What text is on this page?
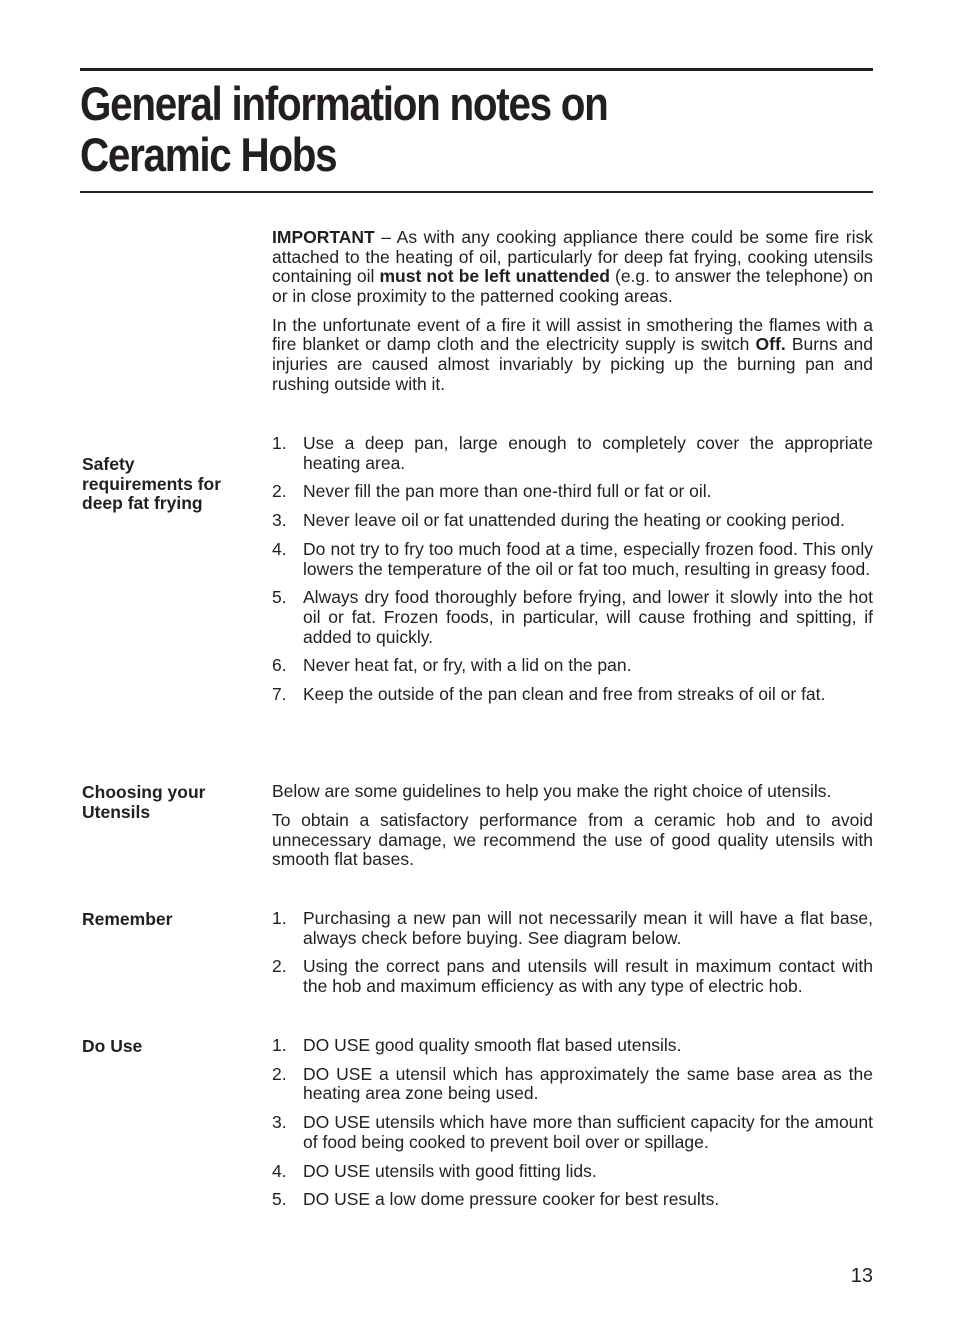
General information notes on
Ceramic Hobs

IMPORTANT – As with any cooking appliance there could be some fire risk attached to the heating of oil, particularly for deep fat frying, cooking utensils containing oil must not be left unattended (e.g. to answer the telephone) on or in close proximity to the patterned cooking areas.

In the unfortunate event of a fire it will assist in smothering the flames with a fire blanket or damp cloth and the electricity supply is switch Off. Burns and injuries are caused almost invariably by picking up the burning pan and rushing outside with it.

Safety requirements for deep fat frying
1. Use a deep pan, large enough to completely cover the appropriate heating area.
2. Never fill the pan more than one-third full or fat or oil.
3. Never leave oil or fat unattended during the heating or cooking period.
4. Do not try to fry too much food at a time, especially frozen food. This only lowers the temperature of the oil or fat too much, resulting in greasy food.
5. Always dry food thoroughly before frying, and lower it slowly into the hot oil or fat. Frozen foods, in particular, will cause frothing and spitting, if added to quickly.
6. Never heat fat, or fry, with a lid on the pan.
7. Keep the outside of the pan clean and free from streaks of oil or fat.
Choosing your Utensils

Below are some guidelines to help you make the right choice of utensils.

To obtain a satisfactory performance from a ceramic hob and to avoid unnecessary damage, we recommend the use of good quality utensils with smooth flat bases.

Remember	1. Purchasing a new pan will not necessarily mean it will have a flat base, always check before buying. See diagram below.
2. Using the correct pans and utensils will result in maximum contact with the hob and maximum efficiency as with any type of electric hob.
Do Use	1. DO USE good quality smooth flat based utensils.
2. DO USE a utensil which has approximately the same base area as the heating area zone being used.
3. DO USE utensils which have more than sufficient capacity for the amount of food being cooked to prevent boil over or spillage.
4. DO USE utensils with good fitting lids.
5. DO USE a low dome pressure cooker for best results.
13
